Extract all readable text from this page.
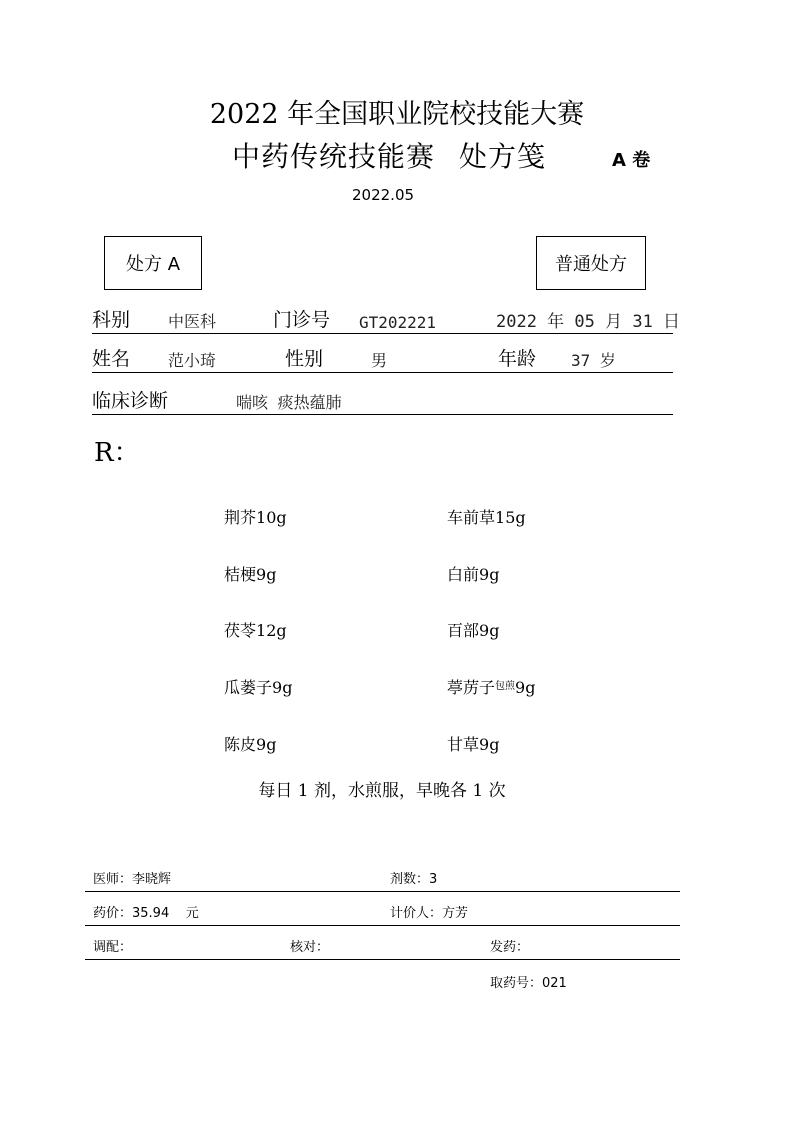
2022 年全国职业院校技能大赛
中药传统技能赛 处方笺	A 卷
2022.05
处方 A	普通处方
科别 中医科	门诊号 GT202221	2022 年 05 月 31 日
姓名 范小琦	性别	男	年龄 37 岁
临床诊断	喘咳 痰热蕴肺
R：
荆芥10g	车前草15g
桔梗9g	白前9g
茯苓12g	百部9g
瓜蒌子9g	葶苈子$^{包煎}$9g
陈皮9g	甘草9g
每日 1 剂，水煎服，早晚各 1 次
医师：李晓辉	剂数：3
药价：35.94    元	计价人：方芳
调配：	核对：	发药：
取药号：021
